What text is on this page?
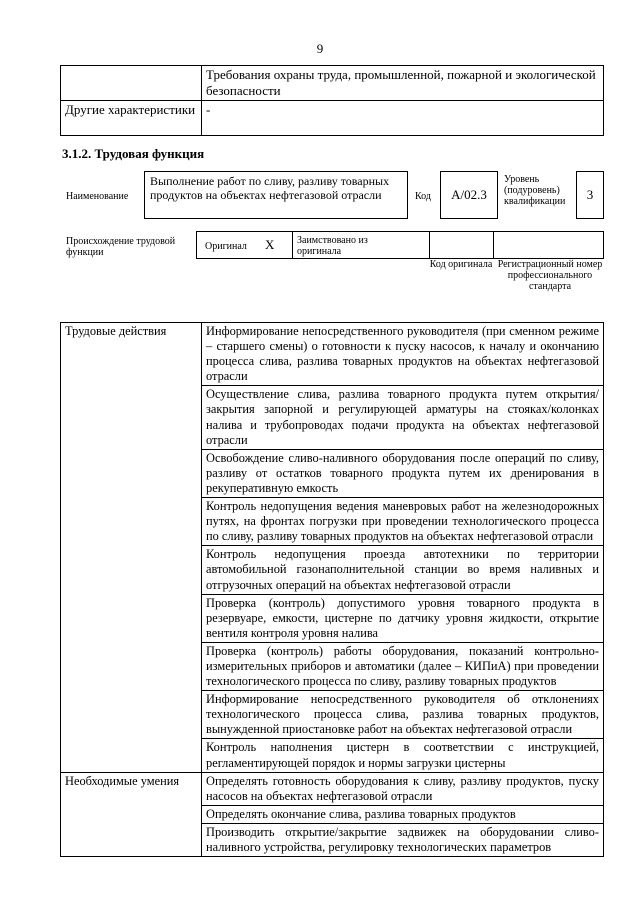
9
	Требования охраны труда, промышленной, пожарной и экологической безопасности
Другие характеристики	-
3.1.2. Трудовая функция
Наименование
Выполнение работ по сливу, разливу товарных продуктов на объектах нефтегазовой отрасли	Код А/02.3
Уровень (подуровень) квалификации	3
Происхождение трудовой функции
Оригинал X Заимствовано из оригинала
Код оригинала Регистрационный номер профессионального стандарта
Трудовые действия	Информирование непосредственного руководителя (при сменном режиме – старшего смены) о готовности к пуску насосов, к началу и окончанию процесса слива, разлива товарных продуктов на объектах нефтегазовой отрасли
	Осуществление слива, разлива товарного продукта путем открытия/закрытия запорной и регулирующей арматуры на стояках/колонках налива и трубопроводах подачи продукта на объектах нефтегазовой отрасли
	Освобождение сливо-наливного оборудования после операций по сливу, разливу от остатков товарного продукта путем их дренирования в рекуперативную емкость
	Контроль недопущения ведения маневровых работ на железнодорожных путях, на фронтах погрузки при проведении технологического процесса по сливу, разливу товарных продуктов на объектах нефтегазовой отрасли
	Контроль недопущения проезда автотехники по территории автомобильной газонаполнительной станции во время наливных и отгрузочных операций на объектах нефтегазовой отрасли
	Проверка (контроль) допустимого уровня товарного продукта в резервуаре, емкости, цистерне по датчику уровня жидкости, открытие вентиля контроля уровня налива
	Проверка (контроль) работы оборудования, показаний контрольно-измерительных приборов и автоматики (далее – КИПиА) при проведении технологического процесса по сливу, разливу товарных продуктов
	Информирование непосредственного руководителя об отклонениях технологического процесса слива, разлива товарных продуктов, вынужденной приостановке работ на объектах нефтегазовой отрасли
	Контроль наполнения цистерн в соответствии с инструкцией, регламентирующей порядок и нормы загрузки цистерны
Необходимые умения	Определять готовность оборудования к сливу, разливу продуктов, пуску насосов на объектах нефтегазовой отрасли
	Определять окончание слива, разлива товарных продуктов
	Производить открытие/закрытие задвижек на оборудовании сливо-наливного устройства, регулировку технологических параметров
